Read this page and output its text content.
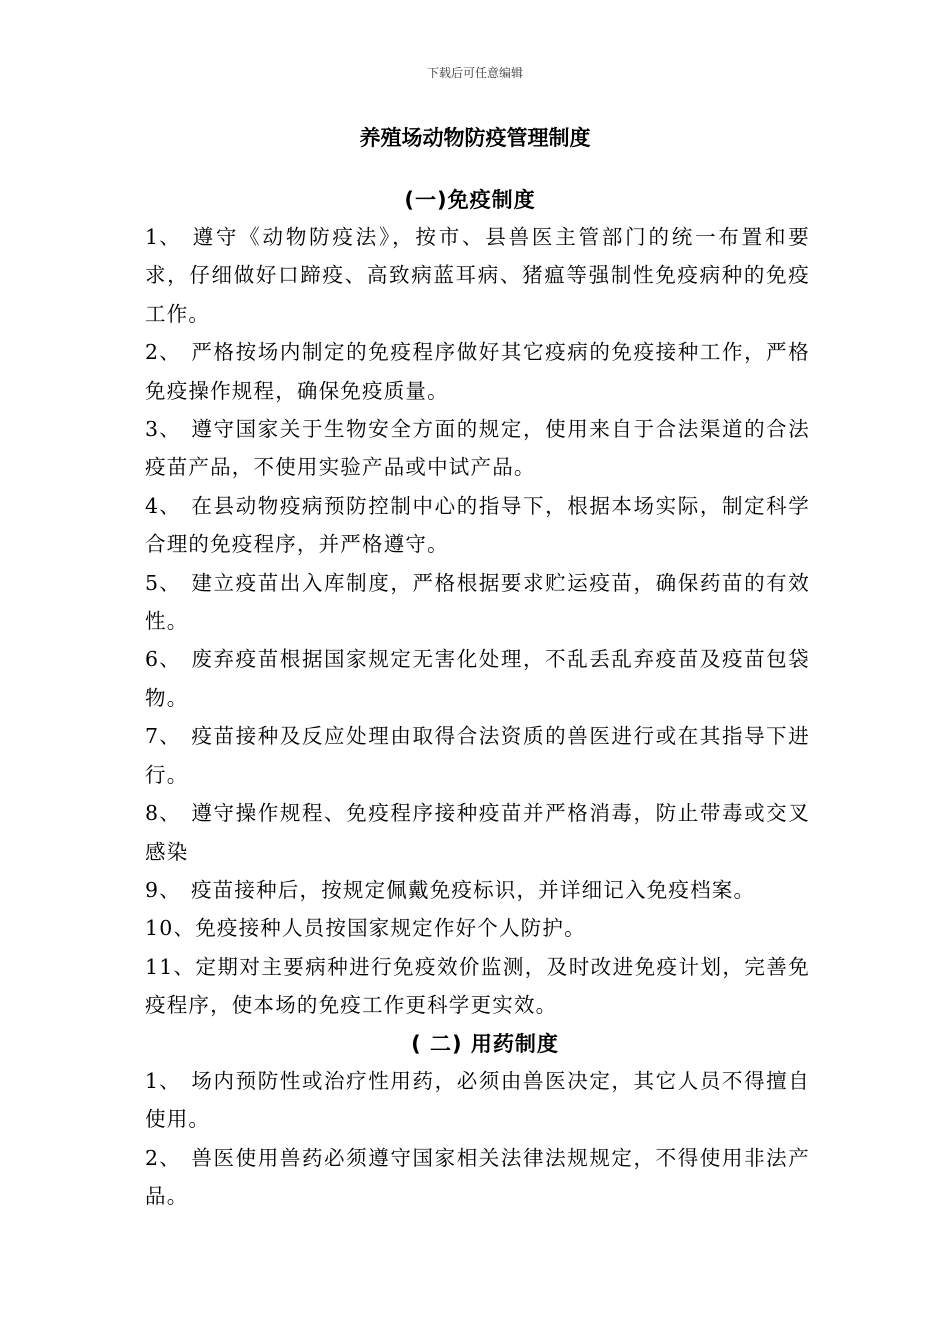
下载后可任意编辑
养殖场动物防疫管理制度
(一)免疫制度

1、 遵守《动物防疫法》，按市、县兽医主管部门的统一布置和要求，仔细做好口蹄疫、高致病蓝耳病、猪瘟等强制性免疫病种的免疫工作。

2、 严格按场内制定的免疫程序做好其它疫病的免疫接种工作，严格免疫操作规程，确保免疫质量。

3、 遵守国家关于生物安全方面的规定，使用来自于合法渠道的合法疫苗产品，不使用实验产品或中试产品。

4、 在县动物疫病预防控制中心的指导下，根据本场实际，制定科学合理的免疫程序，并严格遵守。

5、 建立疫苗出入库制度，严格根据要求贮运疫苗，确保药苗的有效性。

6、 废弃疫苗根据国家规定无害化处理，不乱丢乱弃疫苗及疫苗包袋物。

7、 疫苗接种及反应处理由取得合法资质的兽医进行或在其指导下进行。

8、 遵守操作规程、免疫程序接种疫苗并严格消毒，防止带毒或交叉感染

9、 疫苗接种后，按规定佩戴免疫标识，并详细记入免疫档案。

10、免疫接种人员按国家规定作好个人防护。

11、定期对主要病种进行免疫效价监测，及时改进免疫计划，完善免疫程序，使本场的免疫工作更科学更实效。

( 二) 用药制度

1、 场内预防性或治疗性用药，必须由兽医决定，其它人员不得擅自使用。

2、 兽医使用兽药必须遵守国家相关法律法规规定，不得使用非法产品。
